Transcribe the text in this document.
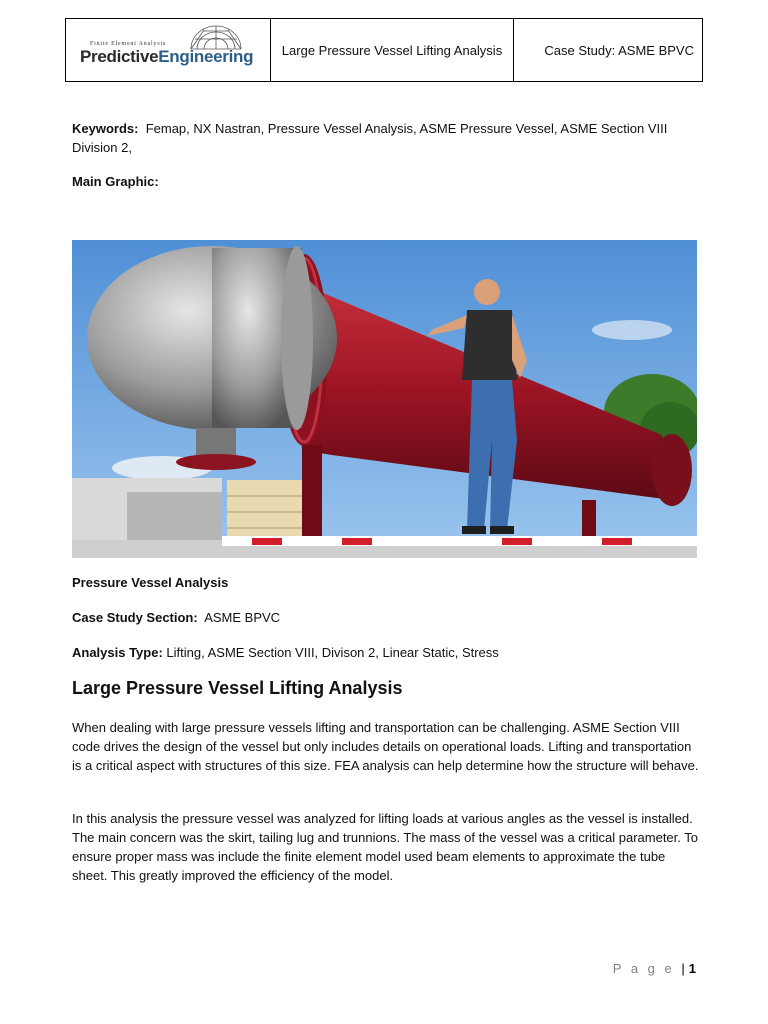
Finite Element Analysis
PredictiveEngineering	Large Pressure Vessel Lifting Analysis	Case Study: ASME BPVC
Keywords: Femap, NX Nastran, Pressure Vessel Analysis, ASME Pressure Vessel, ASME Section VIII
Division 2,
Main Graphic:
Pressure Vessel Analysis
Case Study Section: ASME BPVC
Analysis Type: Lifting, ASME Section VIII, Divison 2, Linear Static, Stress
Large Pressure Vessel Lifting Analysis
When dealing with large pressure vessels lifting and transportation can be challenging. ASME Section VIII code drives the design of the vessel but only includes details on operational loads. Lifting and transportation is a critical aspect with structures of this size. FEA analysis can help determine how the structure will behave.
In this analysis the pressure vessel was analyzed for lifting loads at various angles as the vessel is installed. The main concern was the skirt, tailing lug and trunnions. The mass of the vessel was a critical parameter. To ensure proper mass was include the finite element model used beam elements to approximate the tube sheet. This greatly improved the efficiency of the model.
P a g e | 1
